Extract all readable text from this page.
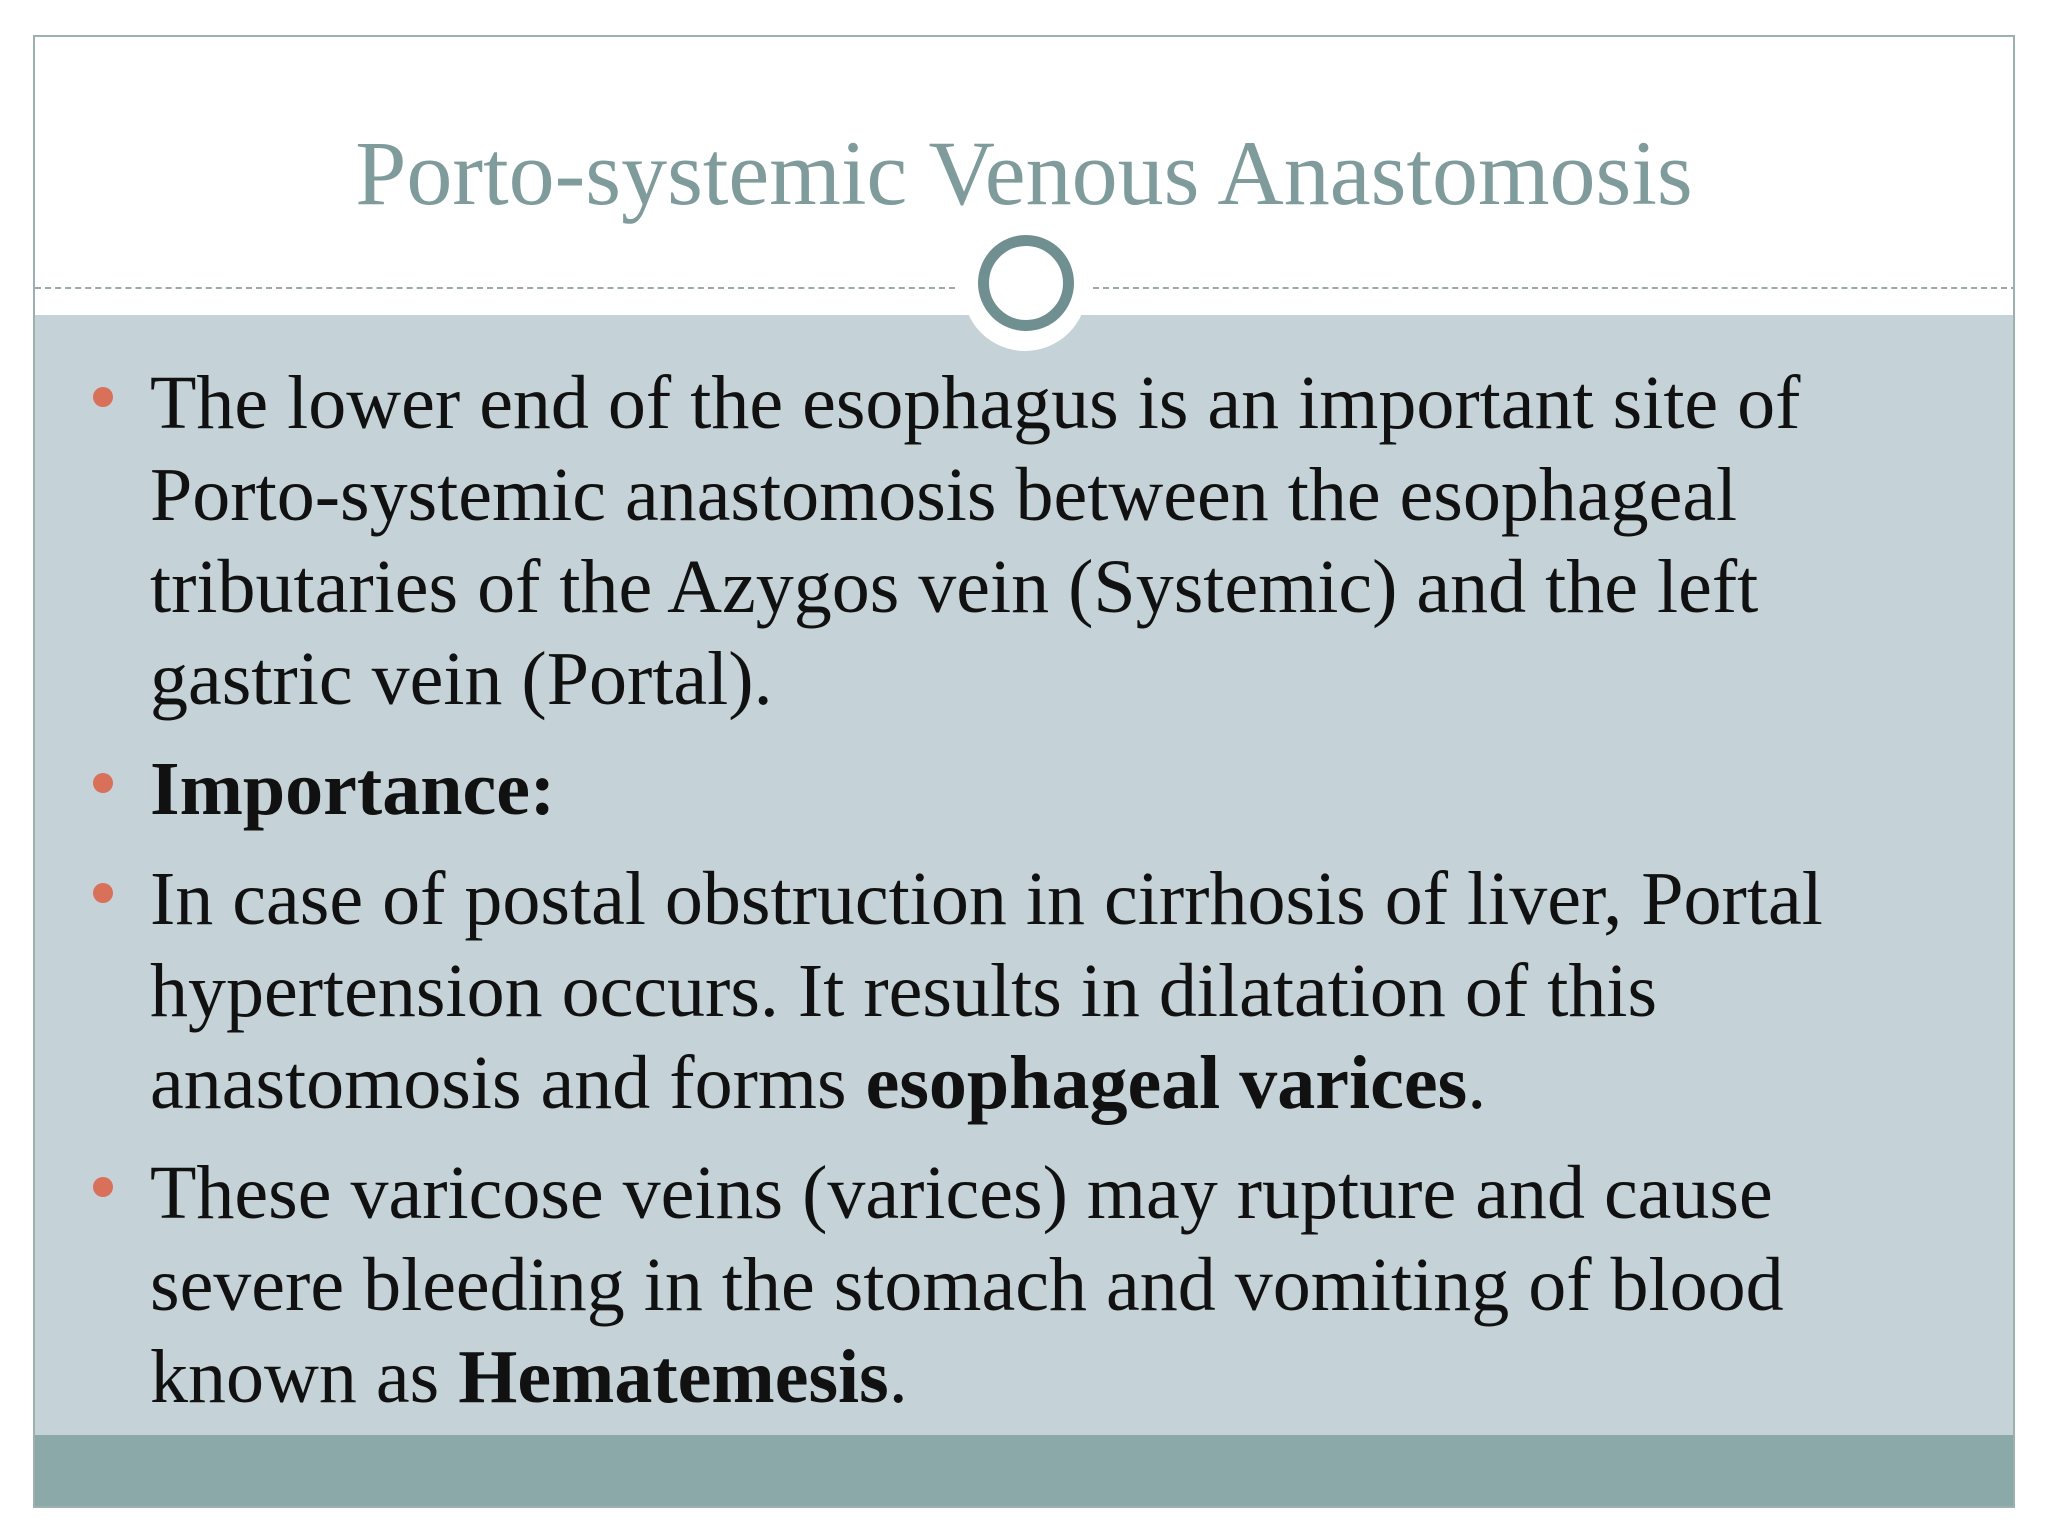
Porto-systemic Venous Anastomosis
The lower end of the esophagus is an important site of Porto-systemic anastomosis between the esophageal tributaries of the Azygos vein (Systemic) and the left gastric vein (Portal).
Importance:
In case of postal obstruction in cirrhosis of liver, Portal hypertension occurs. It results in dilatation of this anastomosis and forms esophageal varices.
These varicose veins (varices) may rupture and cause severe bleeding in the stomach and vomiting of blood known as Hematemesis.
